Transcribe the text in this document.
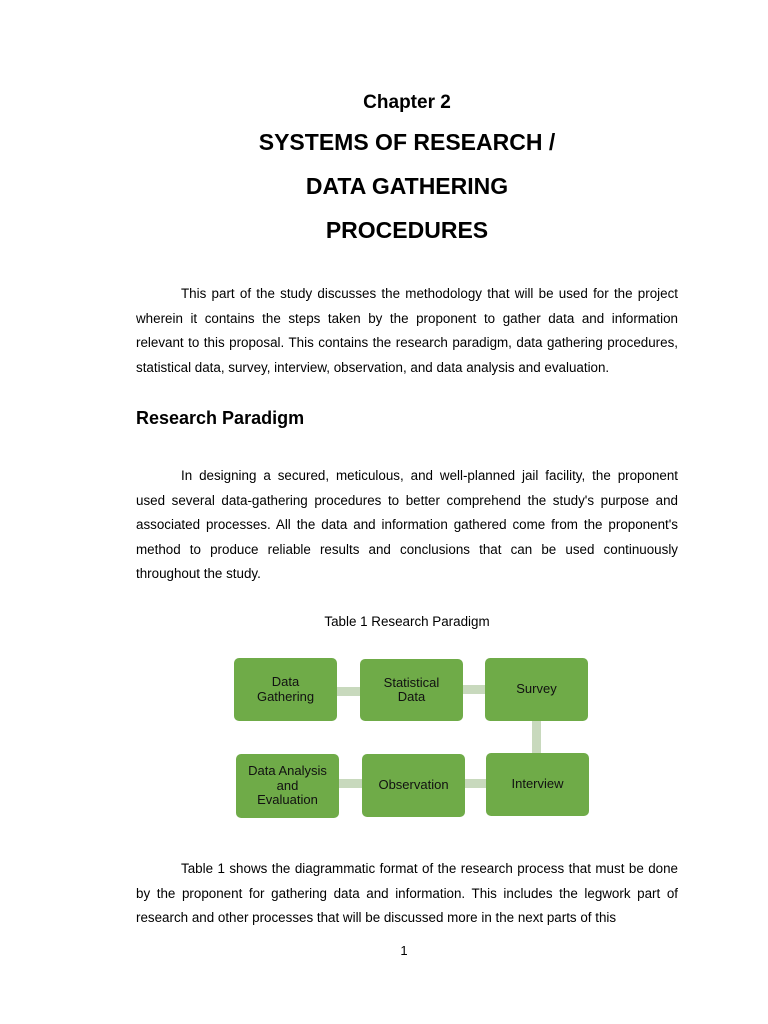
Chapter 2
SYSTEMS OF RESEARCH /
DATA GATHERING
PROCEDURES

This part of the study discusses the methodology that will be used for the project wherein it contains the steps taken by the proponent to gather data and information relevant to this proposal. This contains the research paradigm, data gathering procedures, statistical data, survey, interview, observation, and data analysis and evaluation.

Research Paradigm

In designing a secured, meticulous, and well-planned jail facility, the proponent used several data-gathering procedures to better comprehend the study's purpose and associated processes. All the data and information gathered come from the proponent's method to produce reliable results and conclusions that can be used continuously throughout the study.

Table 1 Research Paradigm
Data
Gathering
Statistical
Data
Survey
Interview
Observation
Data Analysis
and
Evaluation

Table 1 shows the diagrammatic format of the research process that must be done by the proponent for gathering data and information. This includes the legwork part of research and other processes that will be discussed more in the next parts of this

1
